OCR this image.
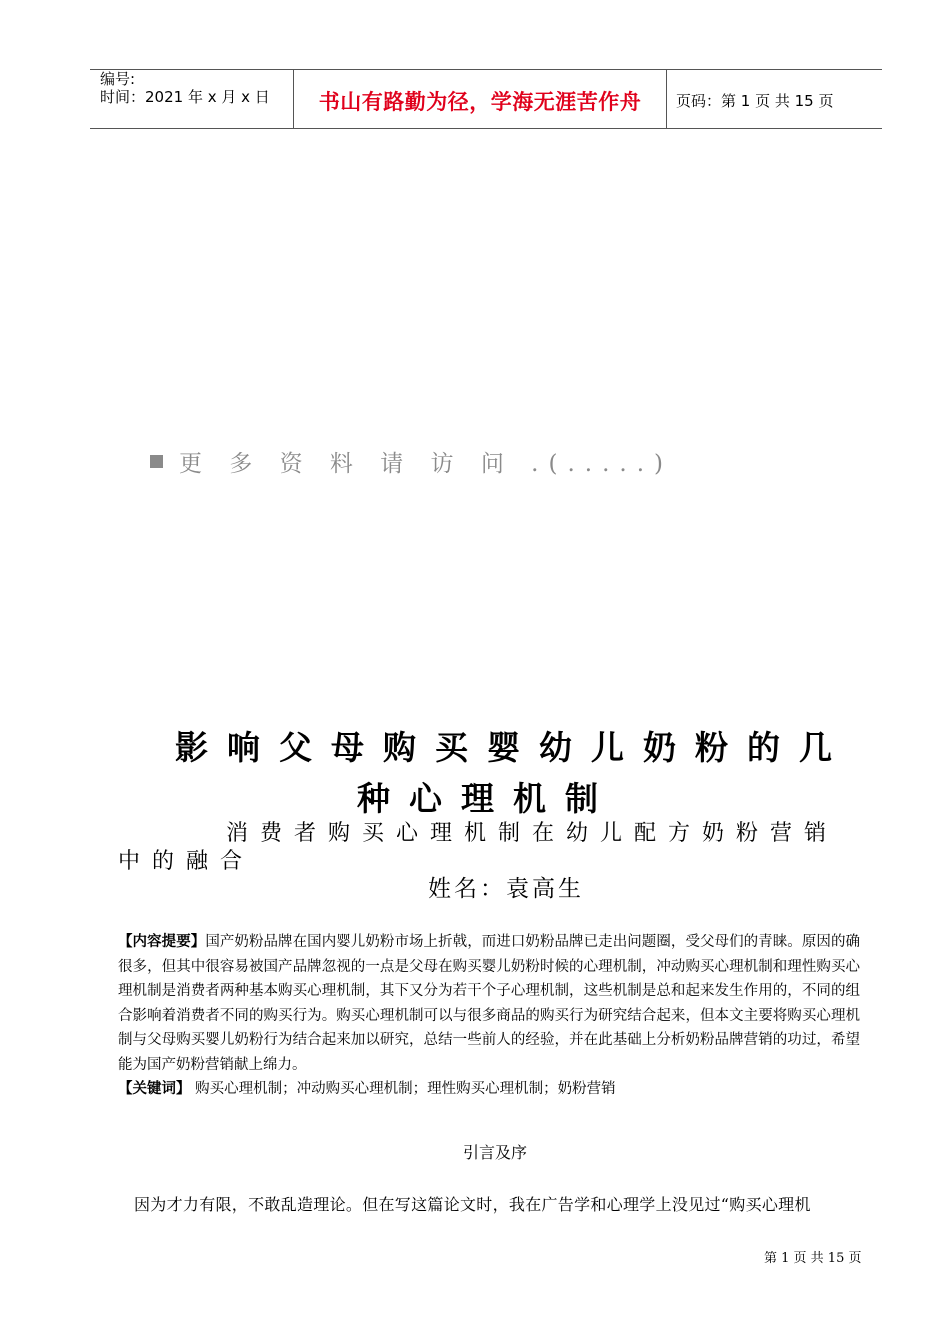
编号:
时间：2021 年 x 月 x 日	书山有路勤为径，学海无涯苦作舟	页码：第 1 页 共 15 页
更 多 资 料 请 访 问 .(.....)
影响父母购买婴幼儿奶粉的几
种心理机制
消费者购买心理机制在幼儿配方奶粉营销中的融合
姓名：袁高生
【内容提要】国产奶粉品牌在国内婴儿奶粉市场上折戟，而进口奶粉品牌已走出问题圈，受父母们的青睐。原因的确很多，但其中很容易被国产品牌忽视的一点是父母在购买婴儿奶粉时候的心理机制，冲动购买心理机制和理性购买心理机制是消费者两种基本购买心理机制，其下又分为若干个子心理机制，这些机制是总和起来发生作用的，不同的组合影响着消费者不同的购买行为。购买心理机制可以与很多商品的购买行为研究结合起来，但本文主要将购买心理机制与父母购买婴儿奶粉行为结合起来加以研究，总结一些前人的经验，并在此基础上分析奶粉品牌营销的功过，希望能为国产奶粉营销献上绵力。
【关键词】 购买心理机制；冲动购买心理机制；理性购买心理机制；奶粉营销
引言及序
因为才力有限，不敢乱造理论。但在写这篇论文时，我在广告学和心理学上没见过“购买心理机
第 1 页 共 15 页
